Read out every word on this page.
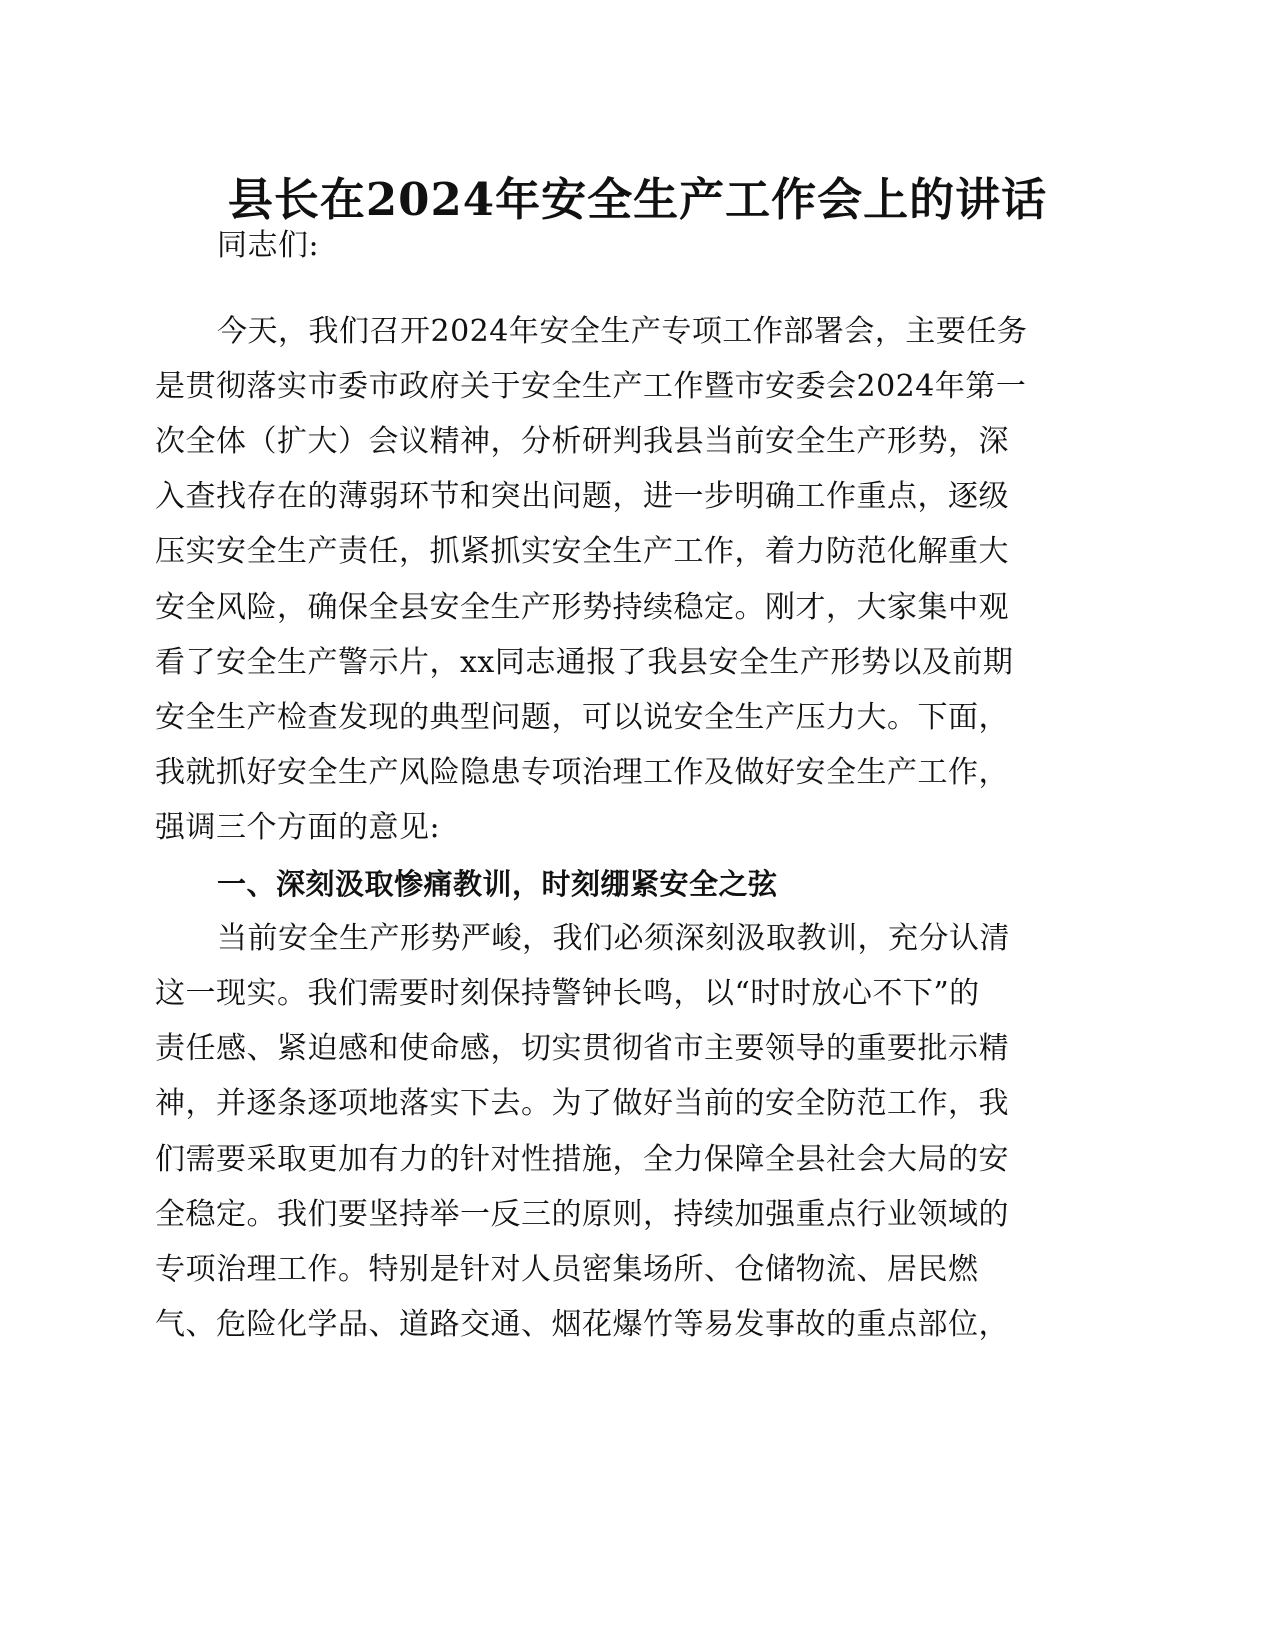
县长在2024年安全生产工作会上的讲话
同志们:
今天，我们召开2024年安全生产专项工作部署会，主要任务
是贯彻落实市委市政府关于安全生产工作暨市安委会2024年第一
次全体（扩大）会议精神，分析研判我县当前安全生产形势，深
入查找存在的薄弱环节和突出问题，进一步明确工作重点，逐级
压实安全生产责任，抓紧抓实安全生产工作，着力防范化解重大
安全风险，确保全县安全生产形势持续稳定。刚才，大家集中观
看了安全生产警示片，xx同志通报了我县安全生产形势以及前期
安全生产检查发现的典型问题，可以说安全生产压力大。下面，
我就抓好安全生产风险隐患专项治理工作及做好安全生产工作，
强调三个方面的意见:
一、深刻汲取惨痛教训，时刻绷紧安全之弦
当前安全生产形势严峻，我们必须深刻汲取教训，充分认清
这一现实。我们需要时刻保持警钟长鸣，以“时时放心不下”的
责任感、紧迫感和使命感，切实贯彻省市主要领导的重要批示精
神，并逐条逐项地落实下去。为了做好当前的安全防范工作，我
们需要采取更加有力的针对性措施，全力保障全县社会大局的安
全稳定。我们要坚持举一反三的原则，持续加强重点行业领域的
专项治理工作。特别是针对人员密集场所、仓储物流、居民燃
气、危险化学品、道路交通、烟花爆竹等易发事故的重点部位，
